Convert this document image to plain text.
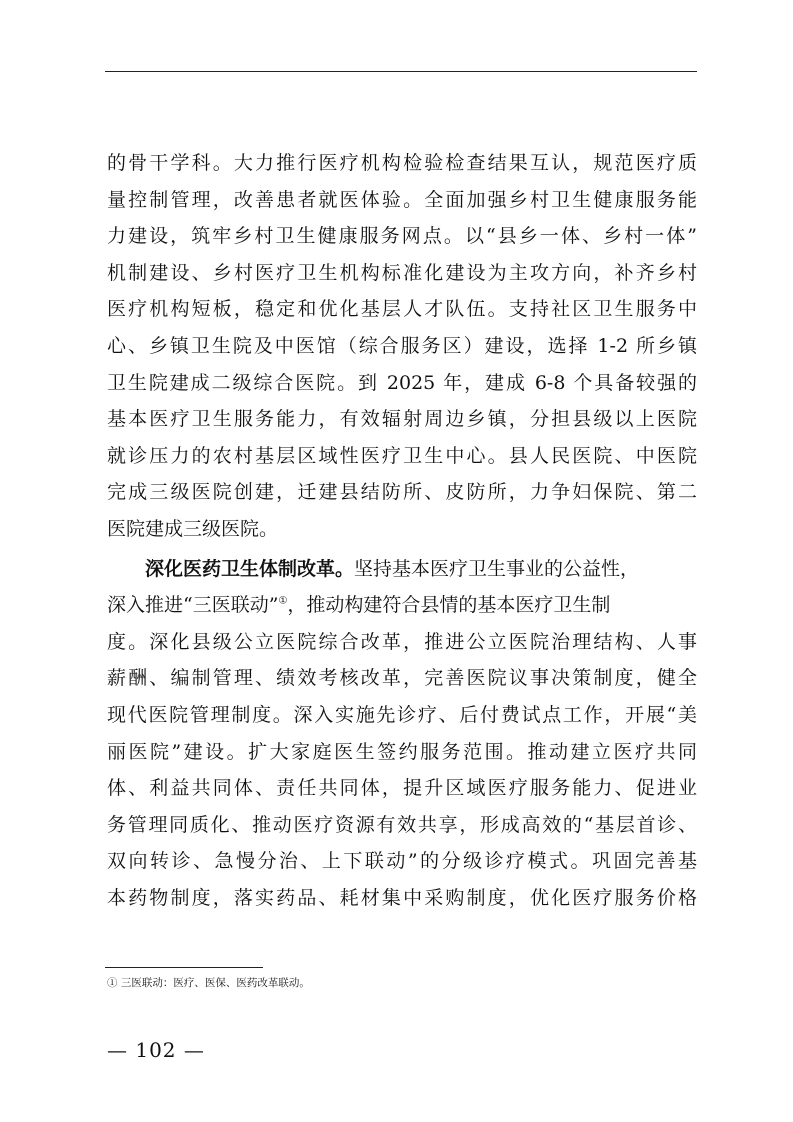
的骨干学科。大力推行医疗机构检验检查结果互认，规范医疗质
量控制管理，改善患者就医体验。全面加强乡村卫生健康服务能
力建设，筑牢乡村卫生健康服务网点。以“县乡一体、乡村一体”
机制建设、乡村医疗卫生机构标准化建设为主攻方向，补齐乡村
医疗机构短板，稳定和优化基层人才队伍。支持社区卫生服务中
心、乡镇卫生院及中医馆（综合服务区）建设，选择 1-2 所乡镇
卫生院建成二级综合医院。到 2025 年，建成 6-8 个具备较强的
基本医疗卫生服务能力，有效辐射周边乡镇，分担县级以上医院
就诊压力的农村基层区域性医疗卫生中心。县人民医院、中医院
完成三级医院创建，迁建县结防所、皮防所，力争妇保院、第二
医院建成三级医院。
深化医药卫生体制改革。坚持基本医疗卫生事业的公益性，
深入推进“三医联动”①，推动构建符合县情的基本医疗卫生制
度。深化县级公立医院综合改革，推进公立医院治理结构、人事
薪酬、编制管理、绩效考核改革，完善医院议事决策制度，健全
现代医院管理制度。深入实施先诊疗、后付费试点工作，开展“美
丽医院”建设。扩大家庭医生签约服务范围。推动建立医疗共同
体、利益共同体、责任共同体，提升区域医疗服务能力、促进业
务管理同质化、推动医疗资源有效共享，形成高效的“基层首诊、
双向转诊、急慢分治、上下联动”的分级诊疗模式。巩固完善基
本药物制度，落实药品、耗材集中采购制度，优化医疗服务价格
① 三医联动：医疗、医保、医药改革联动。
— 102 —
